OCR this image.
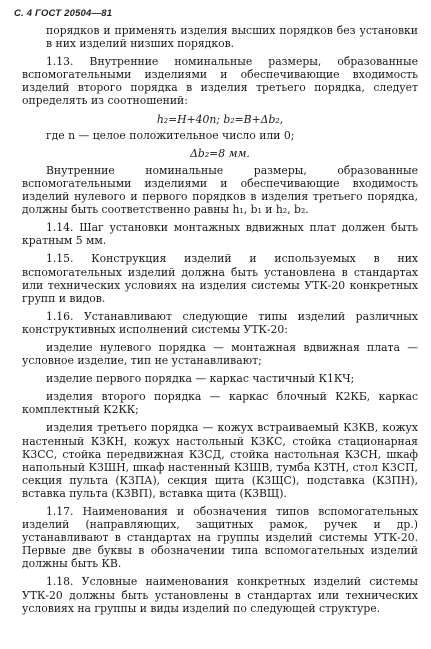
С. 4 ГОСТ 20504—81

порядков и применять изделия высших порядков без установки в них изделий низших порядков.

1.13. Внутренние номинальные размеры, образованные вспомогательными изделиями и обеспечивающие входимость изделий второго порядка в изделия третьего порядка, следует определять из соотношений:

h₂=H+40n; b₂=B+Δb₂,

где n — целое положительное число или 0;

Δb₂=8 мм.

Внутренние номинальные размеры, образованные вспомогательными изделиями и обеспечивающие входимость изделий нулевого и первого порядков в изделия третьего порядка, должны быть соответственно равны h₁, b₁ и h₂, b₂.

1.14. Шаг установки монтажных вдвижных плат должен быть кратным 5 мм.

1.15. Конструкция изделий и используемых в них вспомогательных изделий должна быть установлена в стандартах или технических условиях на изделия системы УТК-20 конкретных групп и видов.

1.16. Устанавливают следующие типы изделий различных конструктивных исполнений системы УТК-20:

изделие нулевого порядка — монтажная вдвижная плата — условное изделие, тип не устанавливают;

изделие первого порядка — каркас частичный К1КЧ;

изделия второго порядка — каркас блочный К2КБ, каркас комплектный К2КК;

изделия третьего порядка — кожух встраиваемый К3КВ, кожух настенный К3КН, кожух настольный К3КС, стойка стационарная К3СС, стойка передвижная К3СД, стойка настольная К3СН, шкаф напольный К3ШН, шкаф настенный К3ШВ, тумба К3ТН, стол К3СП, секция пульта (К3ПА), секция щита (К3ЩС), подставка (К3ПН), вставка пульта (К3ВП), вставка щита (К3ВЩ).

1.17. Наименования и обозначения типов вспомогательных изделий (направляющих, защитных рамок, ручек и др.) устанавливают в стандартах на группы изделий системы УТК-20. Первые две буквы в обозначении типа вспомогательных изделий должны быть КВ.

1.18. Условные наименования конкретных изделий системы УТК-20 должны быть установлены в стандартах или технических условиях на группы и виды изделий по следующей структуре.
